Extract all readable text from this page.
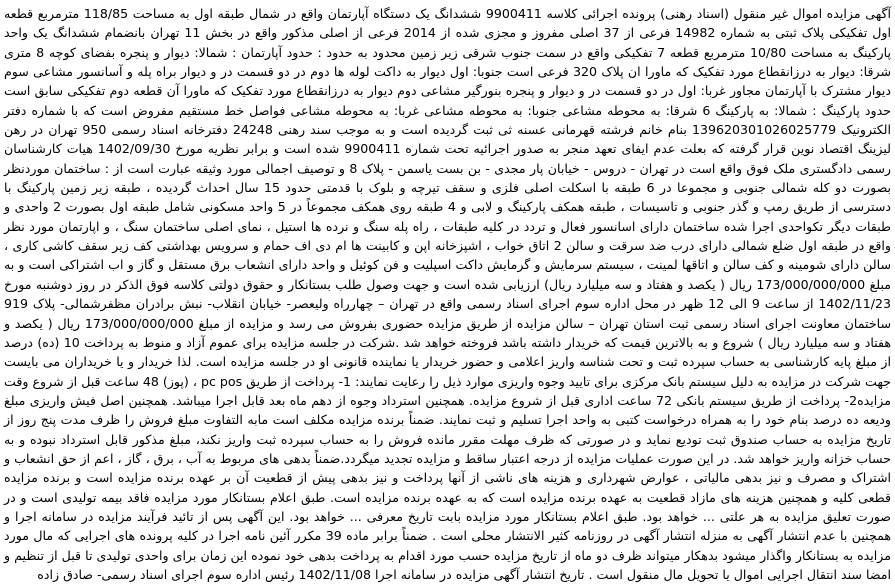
آگهی مزایده اموال غیر منقول (اسناد رهنی) پرونده اجرائی کلاسه 9900411 ششدانگ یک دستگاه آپارتمان واقع در شمال طبقه اول به مساحت 118/85 مترمربع قطعه اول تفکیکی پلاک ثبتی به شماره 14982 فرعی از 37 اصلی مفروز و مجزی شده از 2014 فرعی از اصلی مذکور واقع در بخش 11 تهران بانضمام ششدانگ یک واحد پارکینگ به مساحت 10/80 مترمربع قطعه 7 تفکیکی واقع در سمت جنوب شرقی زیر زمین محدود به حدود : حدود آپارتمان : شمالا: دیوار و پنجره بفضای کوچه 8 متری شرقا: دیوار به درزانقطاع مورد تفکیک که ماورا ان پلاک 320 فرعی است جنوبا: اول دیوار به داکت لوله ها دوم در دو قسمت در و دیوار براه پله و آسانسور مشاعی سوم دیوار مشترک با آپارتمان مجاور غربا: اول در دو قسمت در و دیوار و پنجره بنورگیر مشاعی دوم دیوار به درزانقطاع مورد تفکیک که ماورا آن قطعه دوم تفکیکی سابق است حدود پارکینگ : شمالا: به پارکینگ 6 شرقا: به محوطه مشاعی جنوبا: به محوطه مشاعی غربا: به محوطه مشاعی فواصل خط مستقیم مفروض است که با شماره دفتر الکترونیک 139620301026025779 بنام خانم فرشته قهرمانی عسنه ثی ثبت گردیده است و به موجب سند رهنی 24248 دفترخانه اسناد رسمی 950 تهران در رهن لیزینگ اقتصاد نوین قرار گرفته که بعلت عدم ایفای تعهد منجر به صدور اجرائیه تحت شماره 9900411 شده است و برابر نظریه مورخ 1402/09/30 هیات کارشناسان رسمی دادگستری ملک فوق واقع است در تهران - دروس - خیابان پار مجدی - بن بست یاسمن - پلاک 8 و توصیف اجمالی مورد وثیقه عبارت است از : ساختمان موردنظر بصورت دو کله شمالی جنوبی و مجموعا در 6 طبقه با اسکلت اصلی فلزی و سقف تیرچه و بلوک با قدمتی حدود 15 سال احداث گردیده ، طبقه زیر زمین پارکینگ با دسترسی از طریق رمپ و گذر جنوبی و تاسیسات ، طبقه همکف پارکینگ و لابی و 4 طبقه روی همکف مجموعاً در 5 واحد مسکونی شامل طبقه اول بصورت 2 واحدی و طبقات دیگر تکواحدی اجرا شده ساختمان دارای اسانسور فعال و تردد در کلیه طبقات ، راه پله سنگ و نرده ها استیل ، نمای اصلی ساختمان سنگ ، و اپارتمان مورد نظر واقع در طبقه اول ضلع شمالی دارای درب ضد سرقت و سالن 2 اتاق خواب ، اشپزخانه اپن و کابینت ها ام دی اف حمام و سرویس بهداشتی کف زیر سقف کاشی کاری ، سالن دارای شومینه و کف سالن و اتاقها لمینت ، سیستم سرمایش و گرمایش داکت اسپلیت و فن کوئیل و واحد دارای انشعاب برق مستقل و گاز و اب اشتراکی است و به مبلغ 173/000/000/000 ریال ( یکصد و هفتاد و سه میلیارد ریال) ارزیابی شده است و جهت وصول طلب بستانکار و حقوق دولتی کلاسه فوق الذکر در روز دوشنبه مورخ 1402/11/23 از ساعت 9 الی 12 ظهر در محل اداره سوم اجرای اسناد رسمی واقع در تهران – چهارراه ولیعصر- خیابان انقلاب- نبش برادران مظفرشمالی- پلاک 919 ساختمان معاونت اجرای اسناد رسمی ثبت استان تهران – سالن مزایده از طریق مزایده حضوری بفروش می رسد و مزایده از مبلغ 173/000/000/000 ریال ( یکصد و هفتاد و سه میلیارد ریال ) شروع و به بالاترین قیمت که خریدار داشته باشد فروخته خواهد شد .شرکت در جلسه مزایده برای عموم آزاد و منوط به پرداخت 10 (ده) درصد از مبلغ پایه کارشناسی به حساب سپرده ثبت و تحت شناسه واریز اعلامی و حضور خریدار یا نماینده قانونی او در جلسه مزایده است. لذا خریدار و یا خریداران می بایست جهت شرکت در مزایده به دلیل سیستم بانک مرکزی برای تایید وجوه واریزی موارد ذیل را رعایت نمایند: 1- پرداخت از طریق pc pos ، (پوز) 48 ساعت قبل از شروع وقت مزایده2- پرداخت از طریق سیستم بانکی 72 ساعت اداری قبل از شروع مزایده. همچنین استرداد وجوه از دهم ماه بعد قابل اجرا میباشد. همچنین اصل فیش واریزی مبلغ ودیعه ده درصد بنام خود را به همراه درخواست کتبی به واحد اجرا تسلیم و ثبت نمایند. ضمناً برنده مزایده مکلف است مابه التفاوت مبلغ فروش را ظرف مدت پنج روز از تاریخ مزایده به حساب صندوق ثبت تودیع نماید و در صورتی که ظرف مهلت مقرر مانده فروش را به حساب سپرده ثبت واریز نکند، مبلغ مذکور قابل استرداد نبوده و به حساب خزانه واریز خواهد شد. در این صورت عملیات مزایده از درجه اعتبار ساقط و مزایده تجدید میگردد.ضمناً بدهی های مربوط به آب ، برق ، گاز ، اعم از حق انشعاب و اشتراک و مصرف و نیز بدهی مالیاتی ، عوارض شهرداری و هزینه های ناشی از آنها پرداخت و نیز بدهی پیش از قطعیت آن بر عهده برنده مزایده است و برنده مزایده قطعی کلیه و همچنین هزینه های مازاد قطعیت به عهده برنده مزایده است که به عهده برنده مزایده است. طبق اعلام بستانکار مورد مزایده فاقد بیمه تولیدی است و در صورت تعلیق مزایده به هر علتی ... خواهد بود. طبق اعلام بستانکار مورد مزایده بابت تاریخ معرفی ... خواهد بود. این آگهی پس از تائید فرآیند مزایده در سامانه اجرا و همچنین با عدم انتشار آگهی به منزله انتشار آگهی در روزنامه کثیر الانتشار محلی است . ضمناً برابر ماده 39 مکرر آئین نامه اجرا در کلیه پرونده های اجرایی که مال مورد مزایده به بستانکار واگذار میشود بدهکار میتواند ظرف دو ماه از تاریخ مزایده حسب مورد اقدام به پرداخت بدهی خود نموده این زمان برای واحدی تولیدی تا قبل از تنظیم و امضا سند انتقال اجرایی اموال یا تحویل مال منقول است . تاریخ انتشار آگهی مزایده در سامانه اجرا 1402/11/08 رئیس اداره سوم اجرای اسناد رسمی- صادق زاده
